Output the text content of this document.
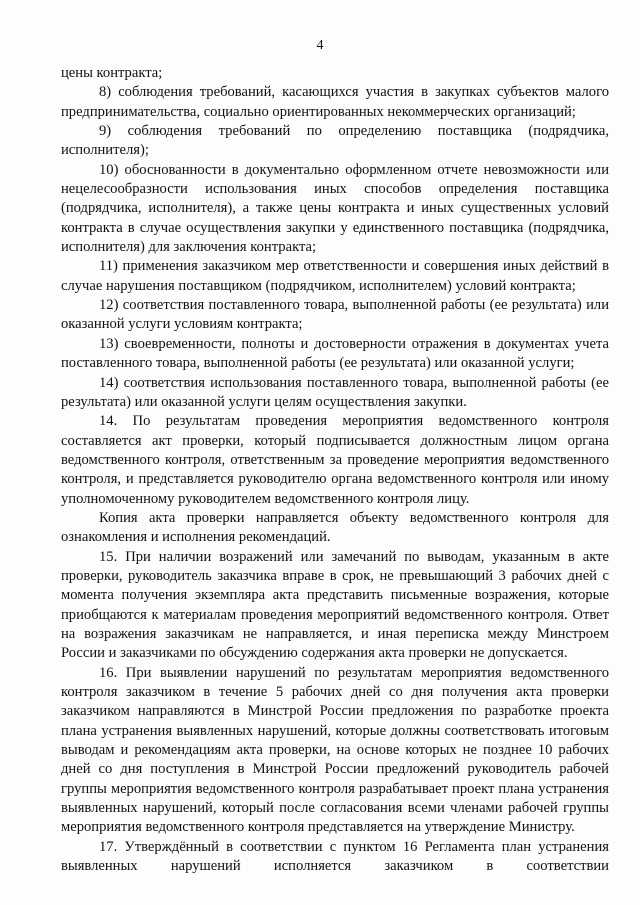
4

цены контракта;

8) соблюдения требований, касающихся участия в закупках субъектов малого предпринимательства, социально ориентированных некоммерческих организаций;

9) соблюдения требований по определению поставщика (подрядчика, исполнителя);

10) обоснованности в документально оформленном отчете невозможности или нецелесообразности использования иных способов определения поставщика (подрядчика, исполнителя), а также цены контракта и иных существенных условий контракта в случае осуществления закупки у единственного поставщика (подрядчика, исполнителя) для заключения контракта;

11) применения заказчиком мер ответственности и совершения иных действий в случае нарушения поставщиком (подрядчиком, исполнителем) условий контракта;

12) соответствия поставленного товара, выполненной работы (ее результата) или оказанной услуги условиям контракта;

13) своевременности, полноты и достоверности отражения в документах учета поставленного товара, выполненной работы (ее результата) или оказанной услуги;

14) соответствия использования поставленного товара, выполненной работы (ее результата) или оказанной услуги целям осуществления закупки.

14. По результатам проведения мероприятия ведомственного контроля составляется акт проверки, который подписывается должностным лицом органа ведомственного контроля, ответственным за проведение мероприятия ведомственного контроля, и представляется руководителю органа ведомственного контроля или иному уполномоченному руководителем ведомственного контроля лицу.

Копия акта проверки направляется объекту ведомственного контроля для ознакомления и исполнения рекомендаций.

15. При наличии возражений или замечаний по выводам, указанным в акте проверки, руководитель заказчика вправе в срок, не превышающий 3 рабочих дней с момента получения экземпляра акта представить письменные возражения, которые приобщаются к материалам проведения мероприятий ведомственного контроля. Ответ на возражения заказчикам не направляется, и иная переписка между Минстроем России и заказчиками по обсуждению содержания акта проверки не допускается.

16. При выявлении нарушений по результатам мероприятия ведомственного контроля заказчиком в течение 5 рабочих дней со дня получения акта проверки заказчиком направляются в Минстрой России предложения по разработке проекта плана устранения выявленных нарушений, которые должны соответствовать итоговым выводам и рекомендациям акта проверки, на основе которых не позднее 10 рабочих дней со дня поступления в Минстрой России предложений руководитель рабочей группы мероприятия ведомственного контроля разрабатывает проект плана устранения выявленных нарушений, который после согласования всеми членами рабочей группы мероприятия ведомственного контроля представляется на утверждение Министру.

17. Утверждённый в соответствии с пунктом 16 Регламента план устранения выявленных нарушений исполняется заказчиком в соответствии
